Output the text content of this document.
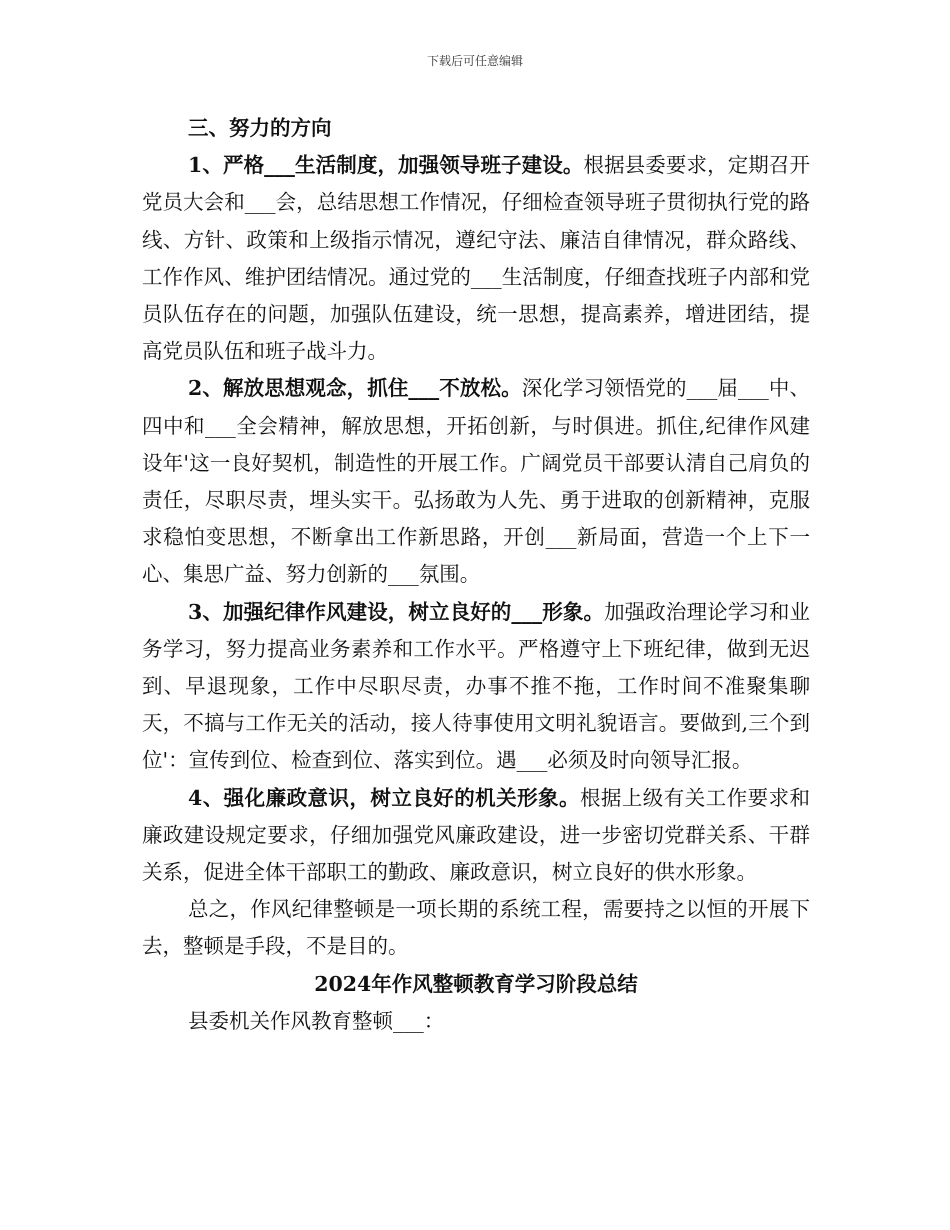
下载后可任意编辑

三、努力的方向

1、严格___生活制度，加强领导班子建设。根据县委要求，定期召开党员大会和___会，总结思想工作情况，仔细检查领导班子贯彻执行党的路线、方针、政策和上级指示情况，遵纪守法、廉洁自律情况，群众路线、工作作风、维护团结情况。通过党的___生活制度，仔细查找班子内部和党员队伍存在的问题，加强队伍建设，统一思想，提高素养，增进团结，提高党员队伍和班子战斗力。

2、解放思想观念，抓住___不放松。深化学习领悟党的___届___中、四中和___全会精神，解放思想，开拓创新，与时俱进。抓住,纪律作风建设年'这一良好契机，制造性的开展工作。广阔党员干部要认清自己肩负的责任，尽职尽责，埋头实干。弘扬敢为人先、勇于进取的创新精神，克服求稳怕变思想，不断拿出工作新思路，开创___新局面，营造一个上下一心、集思广益、努力创新的___氛围。

3、加强纪律作风建设，树立良好的___形象。加强政治理论学习和业务学习，努力提高业务素养和工作水平。严格遵守上下班纪律，做到无迟到、早退现象，工作中尽职尽责，办事不推不拖，工作时间不准聚集聊天，不搞与工作无关的活动，接人待事使用文明礼貌语言。要做到,三个到位'：宣传到位、检查到位、落实到位。遇___必须及时向领导汇报。

4、强化廉政意识，树立良好的机关形象。根据上级有关工作要求和廉政建设规定要求，仔细加强党风廉政建设，进一步密切党群关系、干群关系，促进全体干部职工的勤政、廉政意识，树立良好的供水形象。

总之，作风纪律整顿是一项长期的系统工程，需要持之以恒的开展下去，整顿是手段，不是目的。

2024年作风整顿教育学习阶段总结

县委机关作风教育整顿___：
